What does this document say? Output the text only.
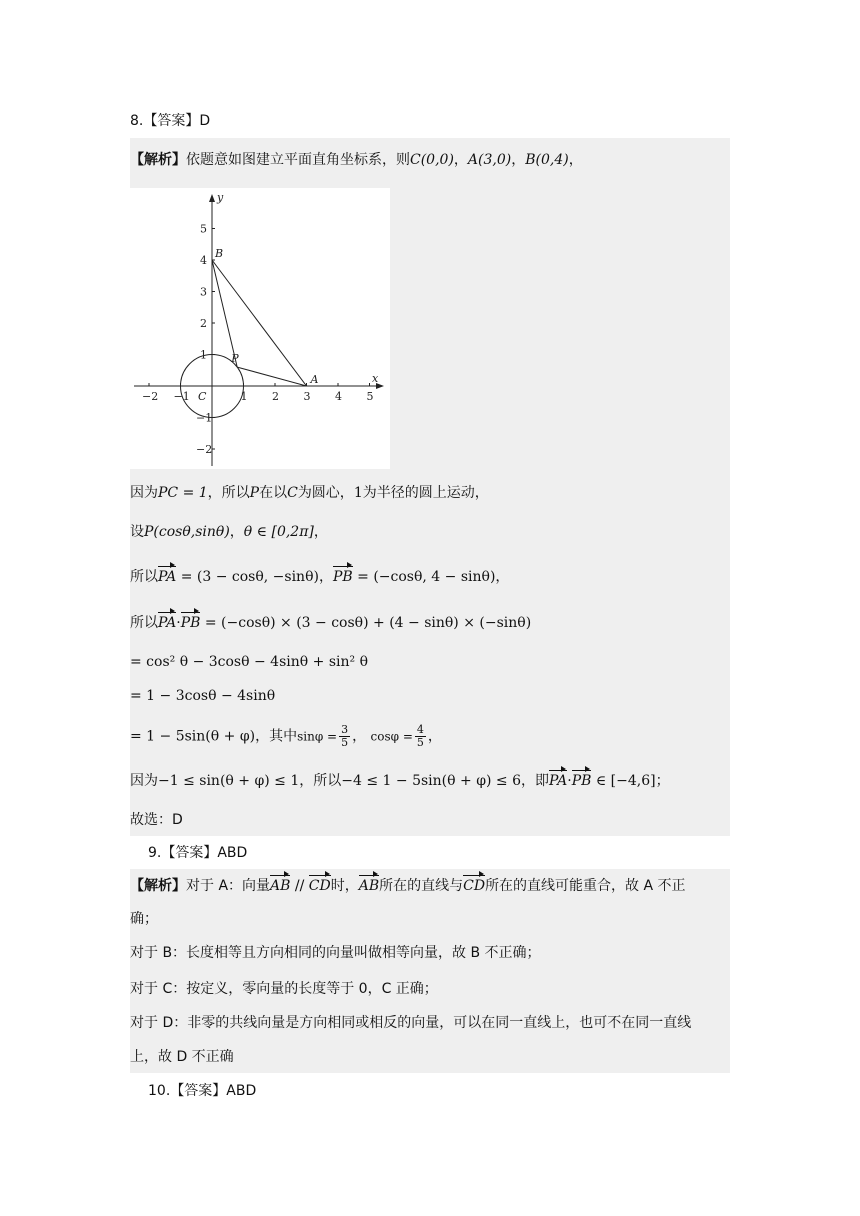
8.【答案】D
【解析】依题意如图建立平面直角坐标系，则C(0,0)，A(3,0)，B(0,4)，
x
y
−2 −1	1 2 3 4 5
5
4
3
2
1
−1
−2
B
P
A
C
因为PC = 1，所以P在以C为圆心，1为半径的圆上运动，
设P(cosθ,sinθ)，θ ∈ [0,2π]，
所以PA = (3 − cosθ, −sinθ)，PB = (−cosθ, 4 − sinθ)，
所以PA·PB = (−cosθ) × (3 − cosθ) + (4 − sinθ) × (−sinθ)
= cos² θ − 3cosθ − 4sinθ + sin² θ
= 1 − 3cosθ − 4sinθ
= 1 − 5sin(θ + φ)，其中$\sin\varphi = \frac{3}{5}$ ， $\cos\varphi = \frac{4}{5}$ ，
因为−1 ≤ sin(θ + φ) ≤ 1，所以−4 ≤ 1 − 5sin(θ + φ) ≤ 6，即PA·PB ∈ [−4,6]；
故选：D
9.【答案】ABD
【解析】对于 A：向量AB // CD时，AB所在的直线与CD所在的直线可能重合，故 A 不正
确；
对于 B：长度相等且方向相同的向量叫做相等向量，故 B 不正确；
对于 C：按定义，零向量的长度等于 0，C 正确；
对于 D：非零的共线向量是方向相同或相反的向量，可以在同一直线上，也可不在同一直线
上，故 D 不正确
10.【答案】ABD
